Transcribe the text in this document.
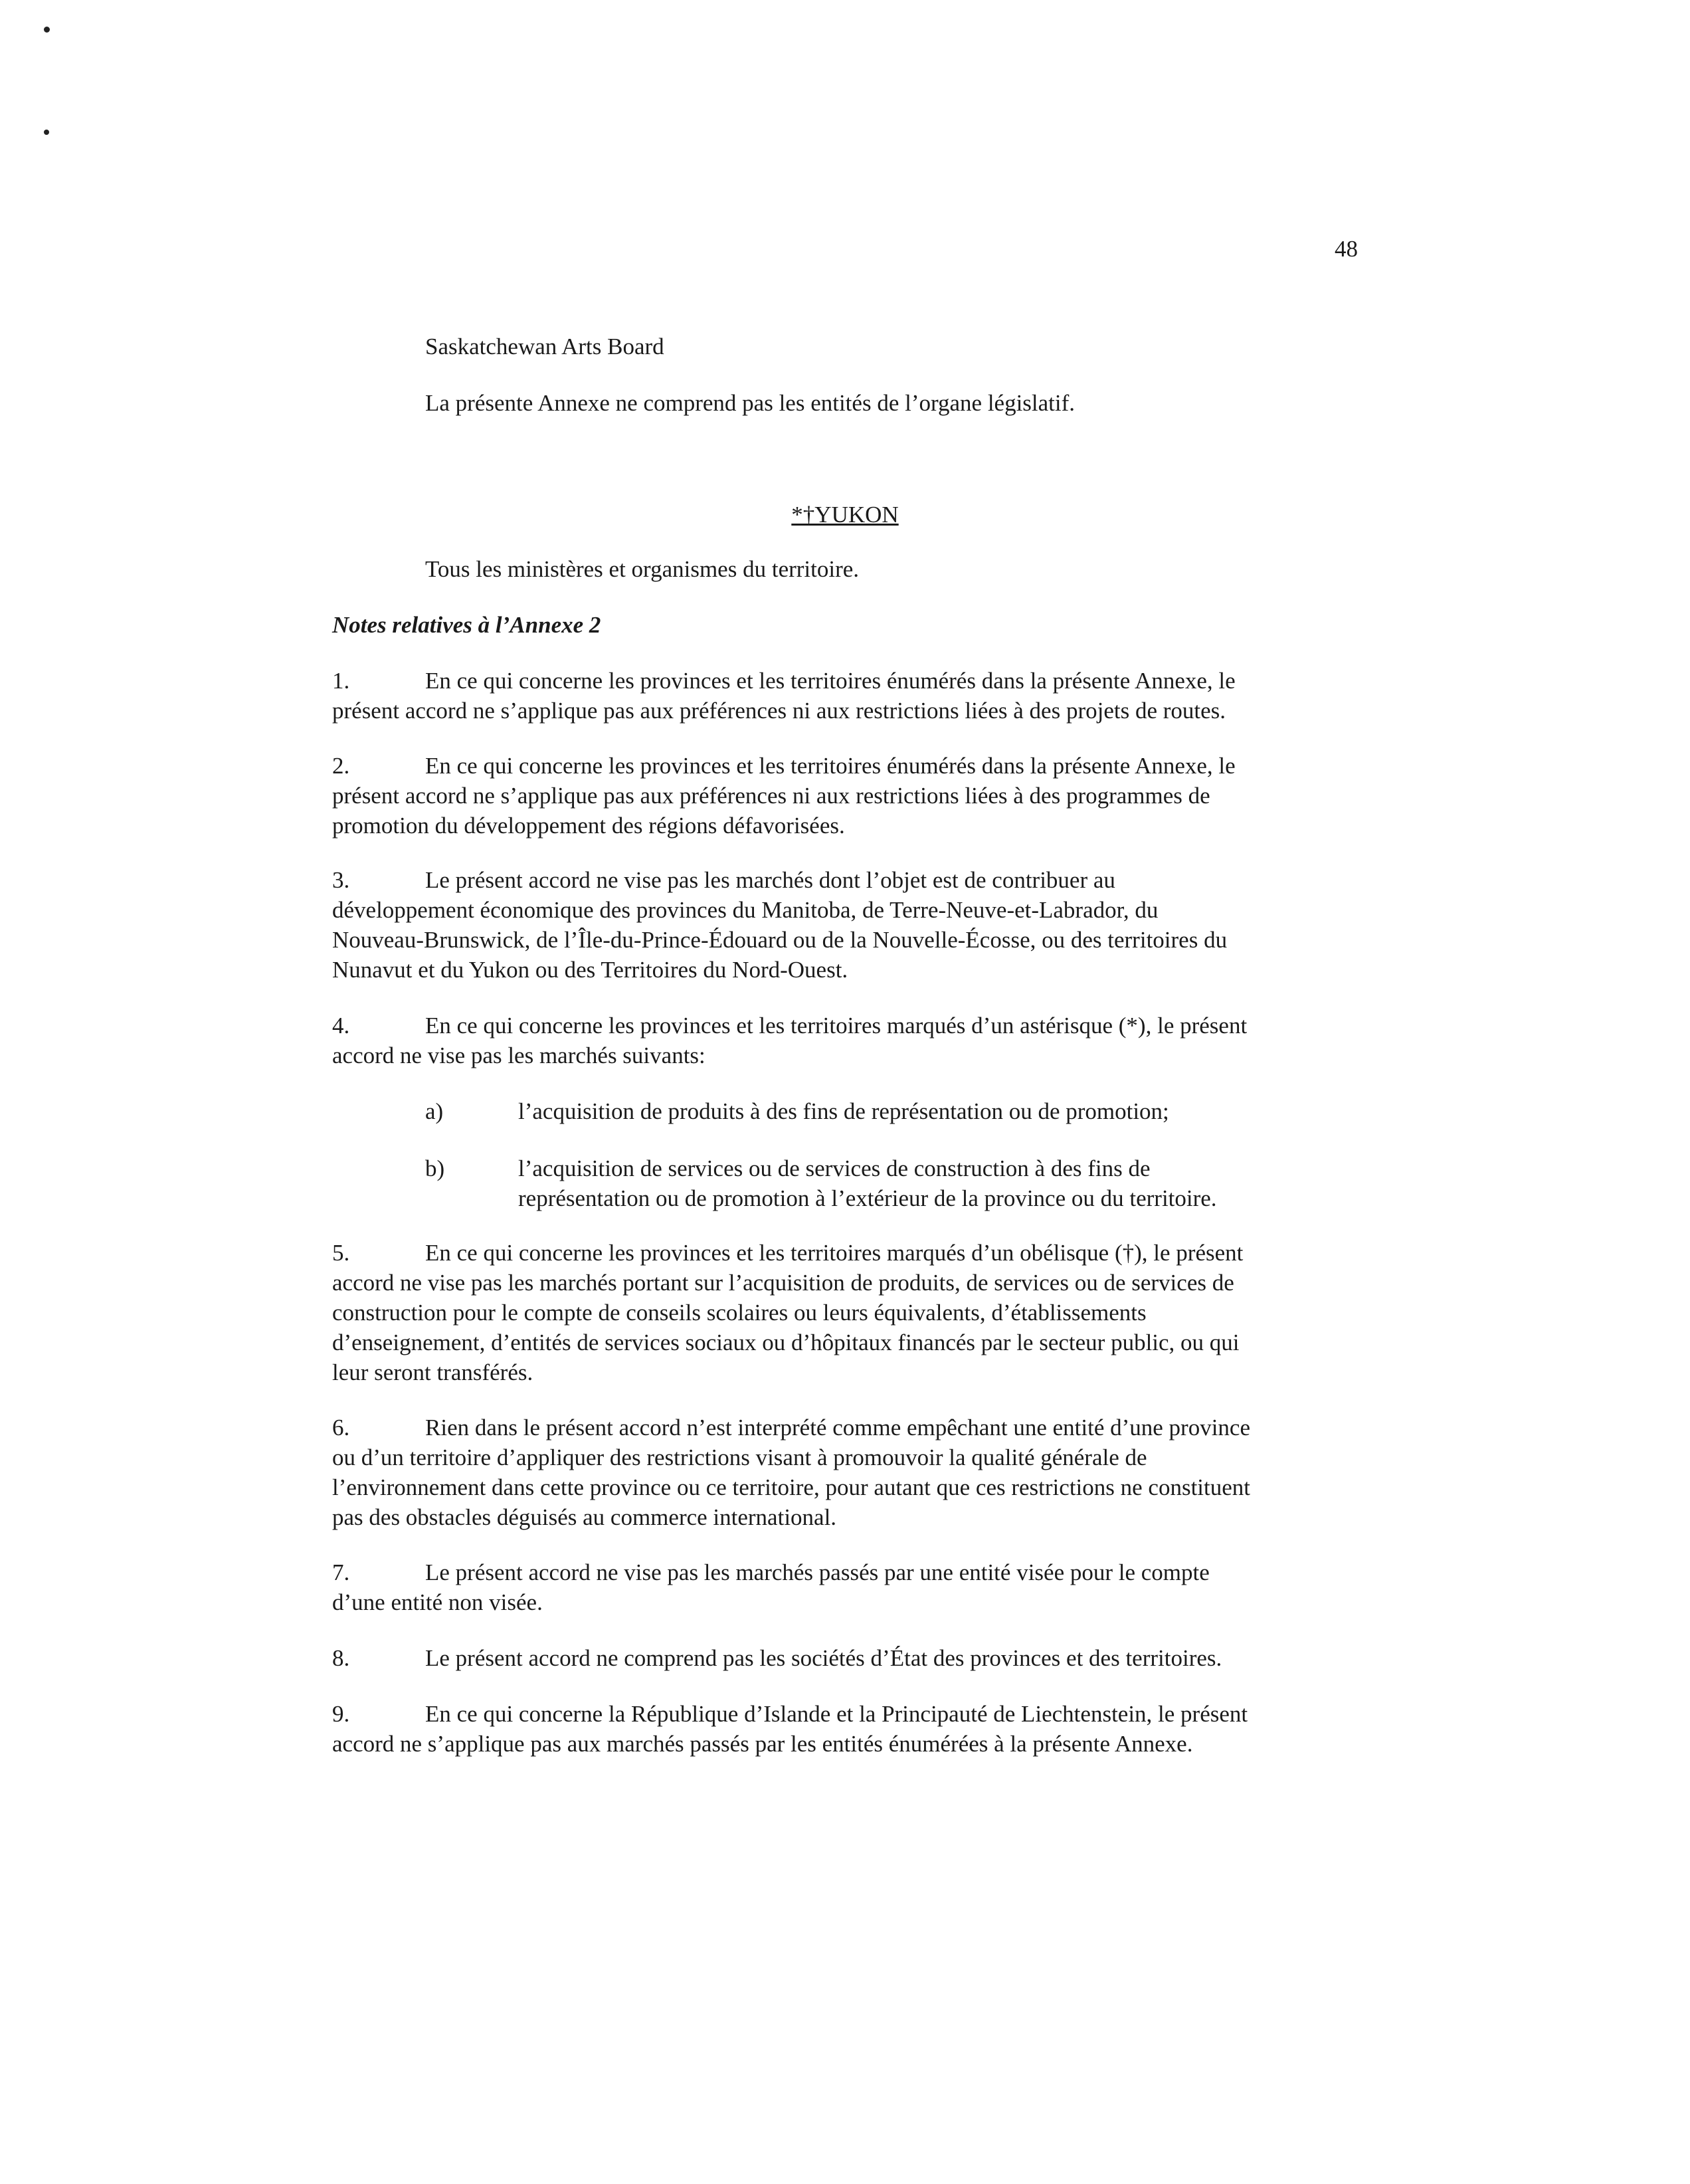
48
Saskatchewan Arts Board
La présente Annexe ne comprend pas les entités de l’organe législatif.
*†YUKON
Tous les ministères et organismes du territoire.
Notes relatives à l’Annexe 2
1.	En ce qui concerne les provinces et les territoires énumérés dans la présente Annexe, le
présent accord ne s’applique pas aux préférences ni aux restrictions liées à des projets de routes.
2.	En ce qui concerne les provinces et les territoires énumérés dans la présente Annexe, le
présent accord ne s’applique pas aux préférences ni aux restrictions liées à des programmes de
promotion du développement des régions défavorisées.
3.	Le présent accord ne vise pas les marchés dont l’objet est de contribuer au
développement économique des provinces du Manitoba, de Terre-Neuve-et-Labrador, du
Nouveau-Brunswick, de l’Île-du-Prince-Édouard ou de la Nouvelle-Écosse, ou des territoires du
Nunavut et du Yukon ou des Territoires du Nord-Ouest.
4.	En ce qui concerne les provinces et les territoires marqués d’un astérisque (*), le présent
accord ne vise pas les marchés suivants:
a)	l’acquisition de produits à des fins de représentation ou de promotion;
b)	l’acquisition de services ou de services de construction à des fins de
représentation ou de promotion à l’extérieur de la province ou du territoire.
5.	En ce qui concerne les provinces et les territoires marqués d’un obélisque (†), le présent
accord ne vise pas les marchés portant sur l’acquisition de produits, de services ou de services de
construction pour le compte de conseils scolaires ou leurs équivalents, d’établissements
d’enseignement, d’entités de services sociaux ou d’hôpitaux financés par le secteur public, ou qui
leur seront transférés.
6.	Rien dans le présent accord n’est interprété comme empêchant une entité d’une province
ou d’un territoire d’appliquer des restrictions visant à promouvoir la qualité générale de
l’environnement dans cette province ou ce territoire, pour autant que ces restrictions ne constituent
pas des obstacles déguisés au commerce international.
7.	Le présent accord ne vise pas les marchés passés par une entité visée pour le compte
d’une entité non visée.
8.	Le présent accord ne comprend pas les sociétés d’État des provinces et des territoires.
9.	En ce qui concerne la République d’Islande et la Principauté de Liechtenstein, le présent
accord ne s’applique pas aux marchés passés par les entités énumérées à la présente Annexe.
